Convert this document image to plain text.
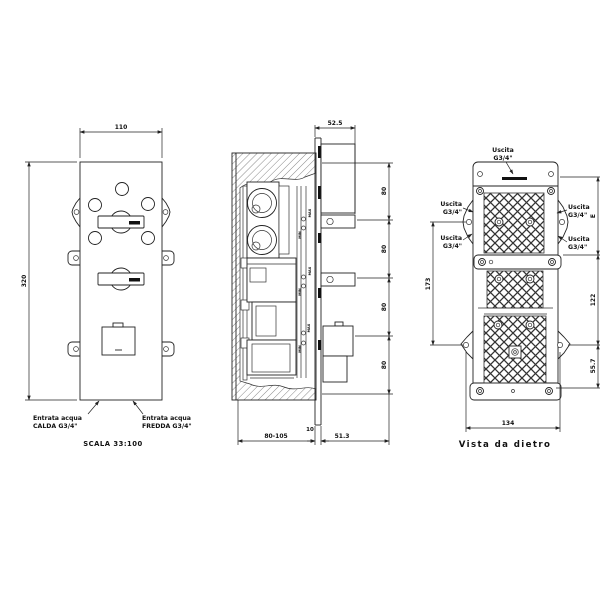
110
320
Entrata acqua
CALDA G3/4"
Entrata acqua
FREDDA G3/4"
SCALA 33:100
MAX
MIN
MAX
MIN
MAX
MIN
52.5
80
80
80
80
80-105
10
51.3
Uscita
G3/4"
Uscita
G3/4"
Uscita
G3/4"
Uscita
G3/4"
Uscita
G3/4"
173
134
E
122
55.7
Vista da dietro
